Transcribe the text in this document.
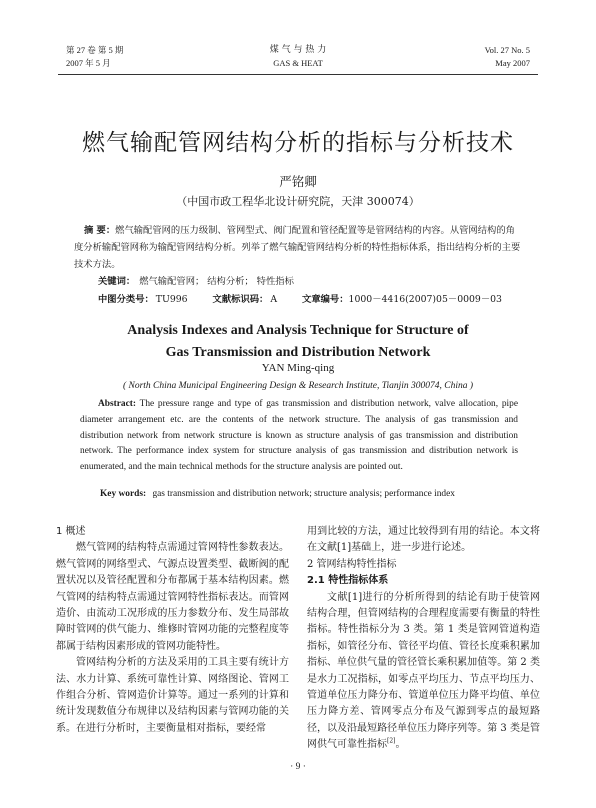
第 27 卷 第 5 期
2007 年 5 月
煤 气 与 热 力
GAS & HEAT
Vol. 27 No. 5
May 2007
燃气输配管网结构分析的指标与分析技术
严铭卿
（中国市政工程华北设计研究院，天津 300074）
摘 要：燃气输配管网的压力级制、管网型式、阀门配置和管径配置等是管网结构的内容。从管网结构的角度分析输配管网称为输配管网结构分析。列举了燃气输配管网结构分析的特性指标体系，指出结构分析的主要技术方法。
关键词： 燃气输配管网； 结构分析； 特性指标
中图分类号： TU996	文献标识码： A	文章编号：1000－4416(2007)05－0009－03
Analysis Indexes and Analysis Technique for Structure of
Gas Transmission and Distribution Network
YAN Ming-qing
( North China Municipal Engineering Design & Research Institute, Tianjin 300074, China )
Abstract: The pressure range and type of gas transmission and distribution network, valve allocation, pipe diameter arrangement etc. are the contents of the network structure. The analysis of gas transmission and distribution network from network structure is known as structure analysis of gas transmission and distribution network. The performance index system for structure analysis of gas transmission and distribution network is enumerated, and the main technical methods for the structure analysis are pointed out.
Key words: gas transmission and distribution network; structure analysis; performance index
1 概述

燃气管网的结构特点需通过管网特性参数表达。燃气管网的网络型式、气源点设置类型、截断阀的配置状况以及管径配置和分布都属于基本结构因素。燃气管网的结构特点需通过管网特性指标表达。而管网造价、由流动工况形成的压力参数分布、发生局部故障时管网的供气能力、维修时管网功能的完整程度等都属于结构因素形成的管网功能特性。

管网结构分析的方法及采用的工具主要有统计方法、水力计算、系统可靠性计算、网络图论、管网工作组合分析、管网造价计算等。通过一系列的计算和统计发现数值分布规律以及结构因素与管网功能的关系。在进行分析时，主要衡量相对指标，要经常

用到比较的方法，通过比较得到有用的结论。本文将在文献[1]基础上，进一步进行论述。

2 管网结构特性指标
2.1 特性指标体系

文献[1]进行的分析所得到的结论有助于使管网结构合理，但管网结构的合理程度需要有衡量的特性指标。特性指标分为 3 类。第 1 类是管网管道构造指标，如管径分布、管径平均值、管径长度乘积累加指标、单位供气量的管径管长乘积累加值等。第 2 类是水力工况指标，如零点平均压力、节点平均压力、管道单位压力降分布、管道单位压力降平均值、单位压力降方差、管网零点分布及气源到零点的最短路径，以及沿最短路径单位压力降序列等。第 3 类是管网供气可靠性指标[2]。

· 9 ·
